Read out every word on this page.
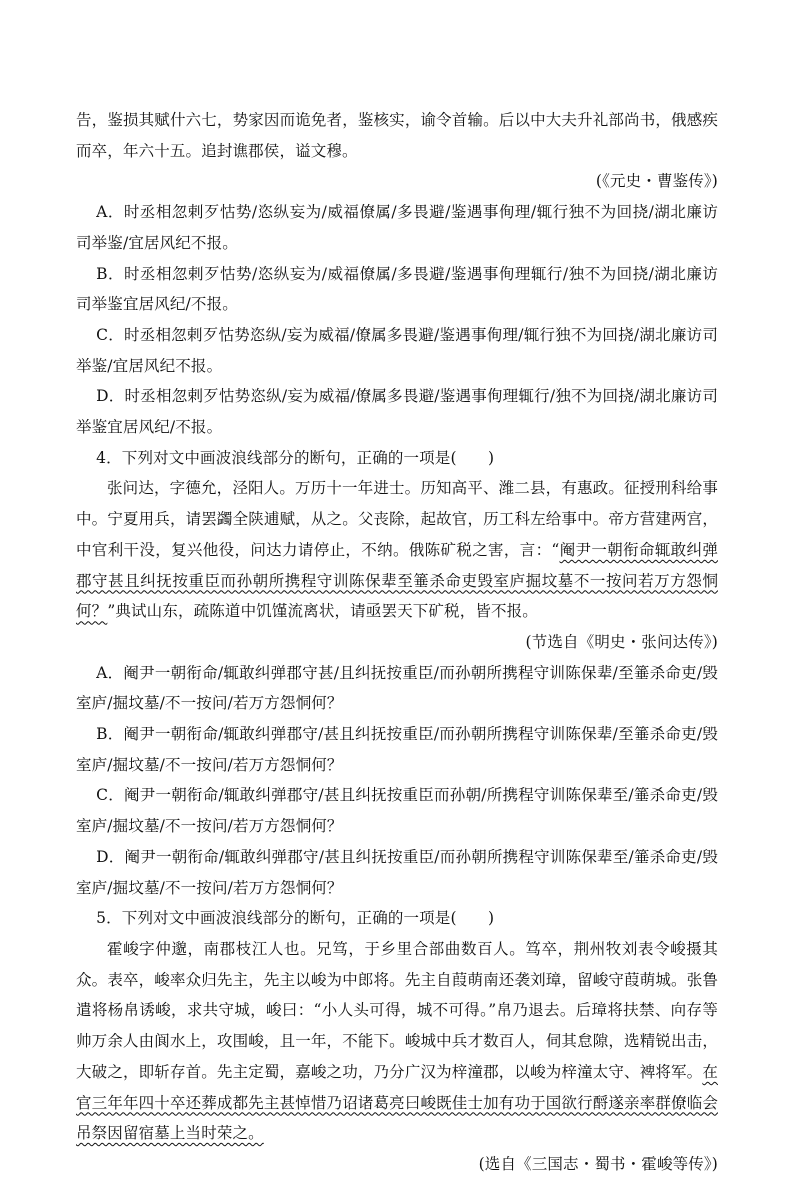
告，鉴损其赋什六七，势家因而诡免者，鉴核实，谕令首输。后以中大夫升礼部尚书，俄感疾而卒，年六十五。追封谯郡侯，谥文穆。

(《元史・曹鉴传》)

A．时丞相忽剌歹怙势/恣纵妄为/威福僚属/多畏避/鉴遇事侚理/辄行独不为回挠/湖北廉访司举鉴/宜居风纪不报。

B．时丞相忽剌歹怙势/恣纵妄为/威福僚属/多畏避/鉴遇事侚理辄行/独不为回挠/湖北廉访司举鉴宜居风纪/不报。

C．时丞相忽剌歹怙势恣纵/妄为威福/僚属多畏避/鉴遇事侚理/辄行独不为回挠/湖北廉访司举鉴/宜居风纪不报。

D．时丞相忽剌歹怙势恣纵/妄为威福/僚属多畏避/鉴遇事侚理辄行/独不为回挠/湖北廉访司举鉴宜居风纪/不报。

4．下列对文中画波浪线部分的断句，正确的一项是(　　)

张问达，字德允，泾阳人。万历十一年进士。历知高平、潍二县，有惠政。征授刑科给事中。宁夏用兵，请罢蠲全陕逋赋，从之。父丧除，起故官，历工科左给事中。帝方营建两宫，中官利干没，复兴他役，问达力请停止，不纳。俄陈矿税之害，言：“阉尹一朝衔命辄敢纠弹郡守甚且纠抚按重臣而孙朝所携程守训陈保辈至箠杀命吏毁室庐掘坟墓不一按问若万方怨恫何？”典试山东，疏陈道中饥馑流离状，请亟罢天下矿税，皆不报。

(节选自《明史・张问达传》)

A．阉尹一朝衔命/辄敢纠弹郡守甚/且纠抚按重臣/而孙朝所携程守训陈保辈/至箠杀命吏/毁室庐/掘坟墓/不一按问/若万方怨恫何？

B．阉尹一朝衔命/辄敢纠弹郡守/甚且纠抚按重臣/而孙朝所携程守训陈保辈/至箠杀命吏/毁室庐/掘坟墓/不一按问/若万方怨恫何？

C．阉尹一朝衔命/辄敢纠弹郡守/甚且纠抚按重臣而孙朝/所携程守训陈保辈至/箠杀命吏/毁室庐/掘坟墓/不一按问/若万方怨恫何？

D．阉尹一朝衔命/辄敢纠弹郡守/甚且纠抚按重臣/而孙朝所携程守训陈保辈至/箠杀命吏/毁室庐/掘坟墓/不一按问/若万方怨恫何？

5．下列对文中画波浪线部分的断句，正确的一项是(　　)

霍峻字仲邈，南郡枝江人也。兄笃，于乡里合部曲数百人。笃卒，荆州牧刘表令峻摄其众。表卒，峻率众归先主，先主以峻为中郎将。先主自葭萌南还袭刘璋，留峻守葭萌城。张鲁遣将杨帛诱峻，求共守城，峻曰：“小人头可得，城不可得。”帛乃退去。后璋将扶禁、向存等帅万余人由阆水上，攻围峻，且一年，不能下。峻城中兵才数百人，伺其怠隙，选精锐出击，大破之，即斩存首。先主定蜀，嘉峻之功，乃分广汉为梓潼郡，以峻为梓潼太守、裨将军。在官三年年四十卒还葬成都先主甚悼惜乃诏诸葛亮曰峻既佳士加有功于国欲行酹遂亲率群僚临会吊祭因留宿墓上当时荣之。

(选自《三国志・蜀书・霍峻等传》)
